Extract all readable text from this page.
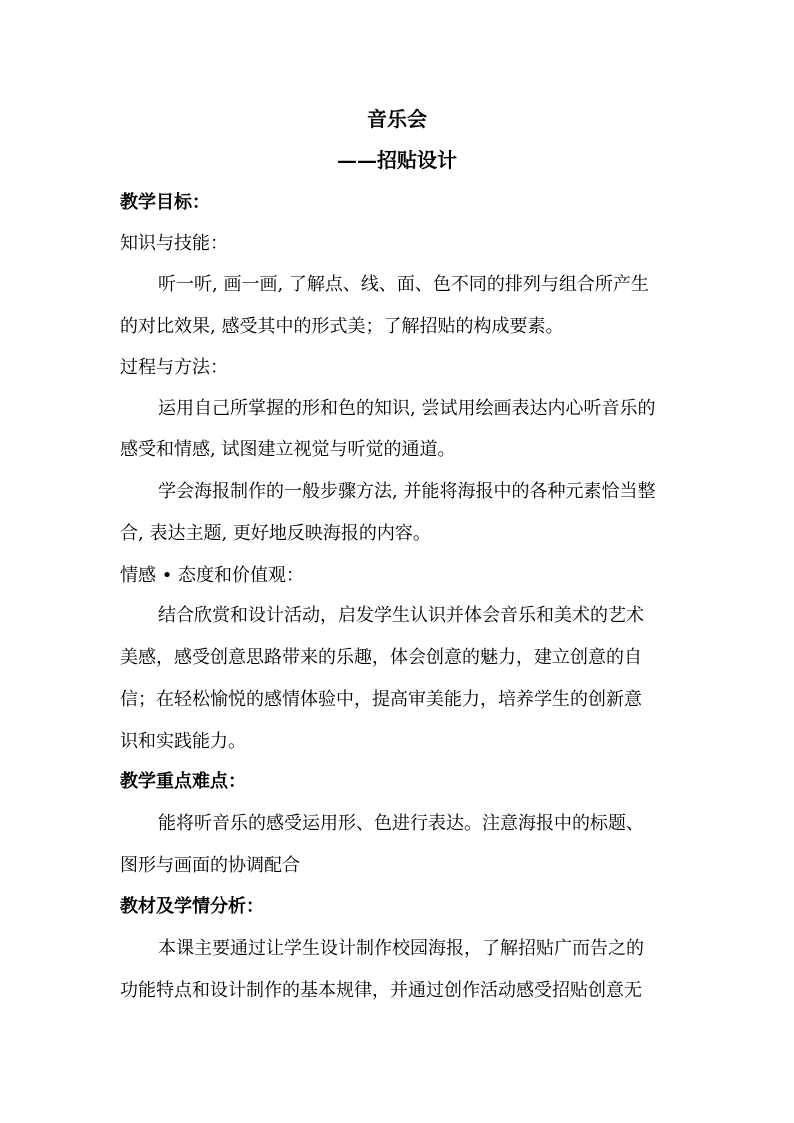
音乐会
——招贴设计
教学目标：
知识与技能：
听一听, 画一画, 了解点、线、面、色不同的排列与组合所产生
的对比效果, 感受其中的形式美；了解招贴的构成要素。
过程与方法：
运用自己所掌握的形和色的知识, 尝试用绘画表达内心听音乐的
感受和情感, 试图建立视觉与听觉的通道。
学会海报制作的一般步骤方法, 并能将海报中的各种元素恰当整
合, 表达主题, 更好地反映海报的内容。
情感 • 态度和价值观：
结合欣赏和设计活动，启发学生认识并体会音乐和美术的艺术
美感，感受创意思路带来的乐趣，体会创意的魅力，建立创意的自
信；在轻松愉悦的感情体验中，提高审美能力，培养学生的创新意
识和实践能力。
教学重点难点：
能将听音乐的感受运用形、色进行表达。注意海报中的标题、
图形与画面的协调配合
教材及学情分析：
本课主要通过让学生设计制作校园海报，了解招贴广而告之的
功能特点和设计制作的基本规律，并通过创作活动感受招贴创意无
